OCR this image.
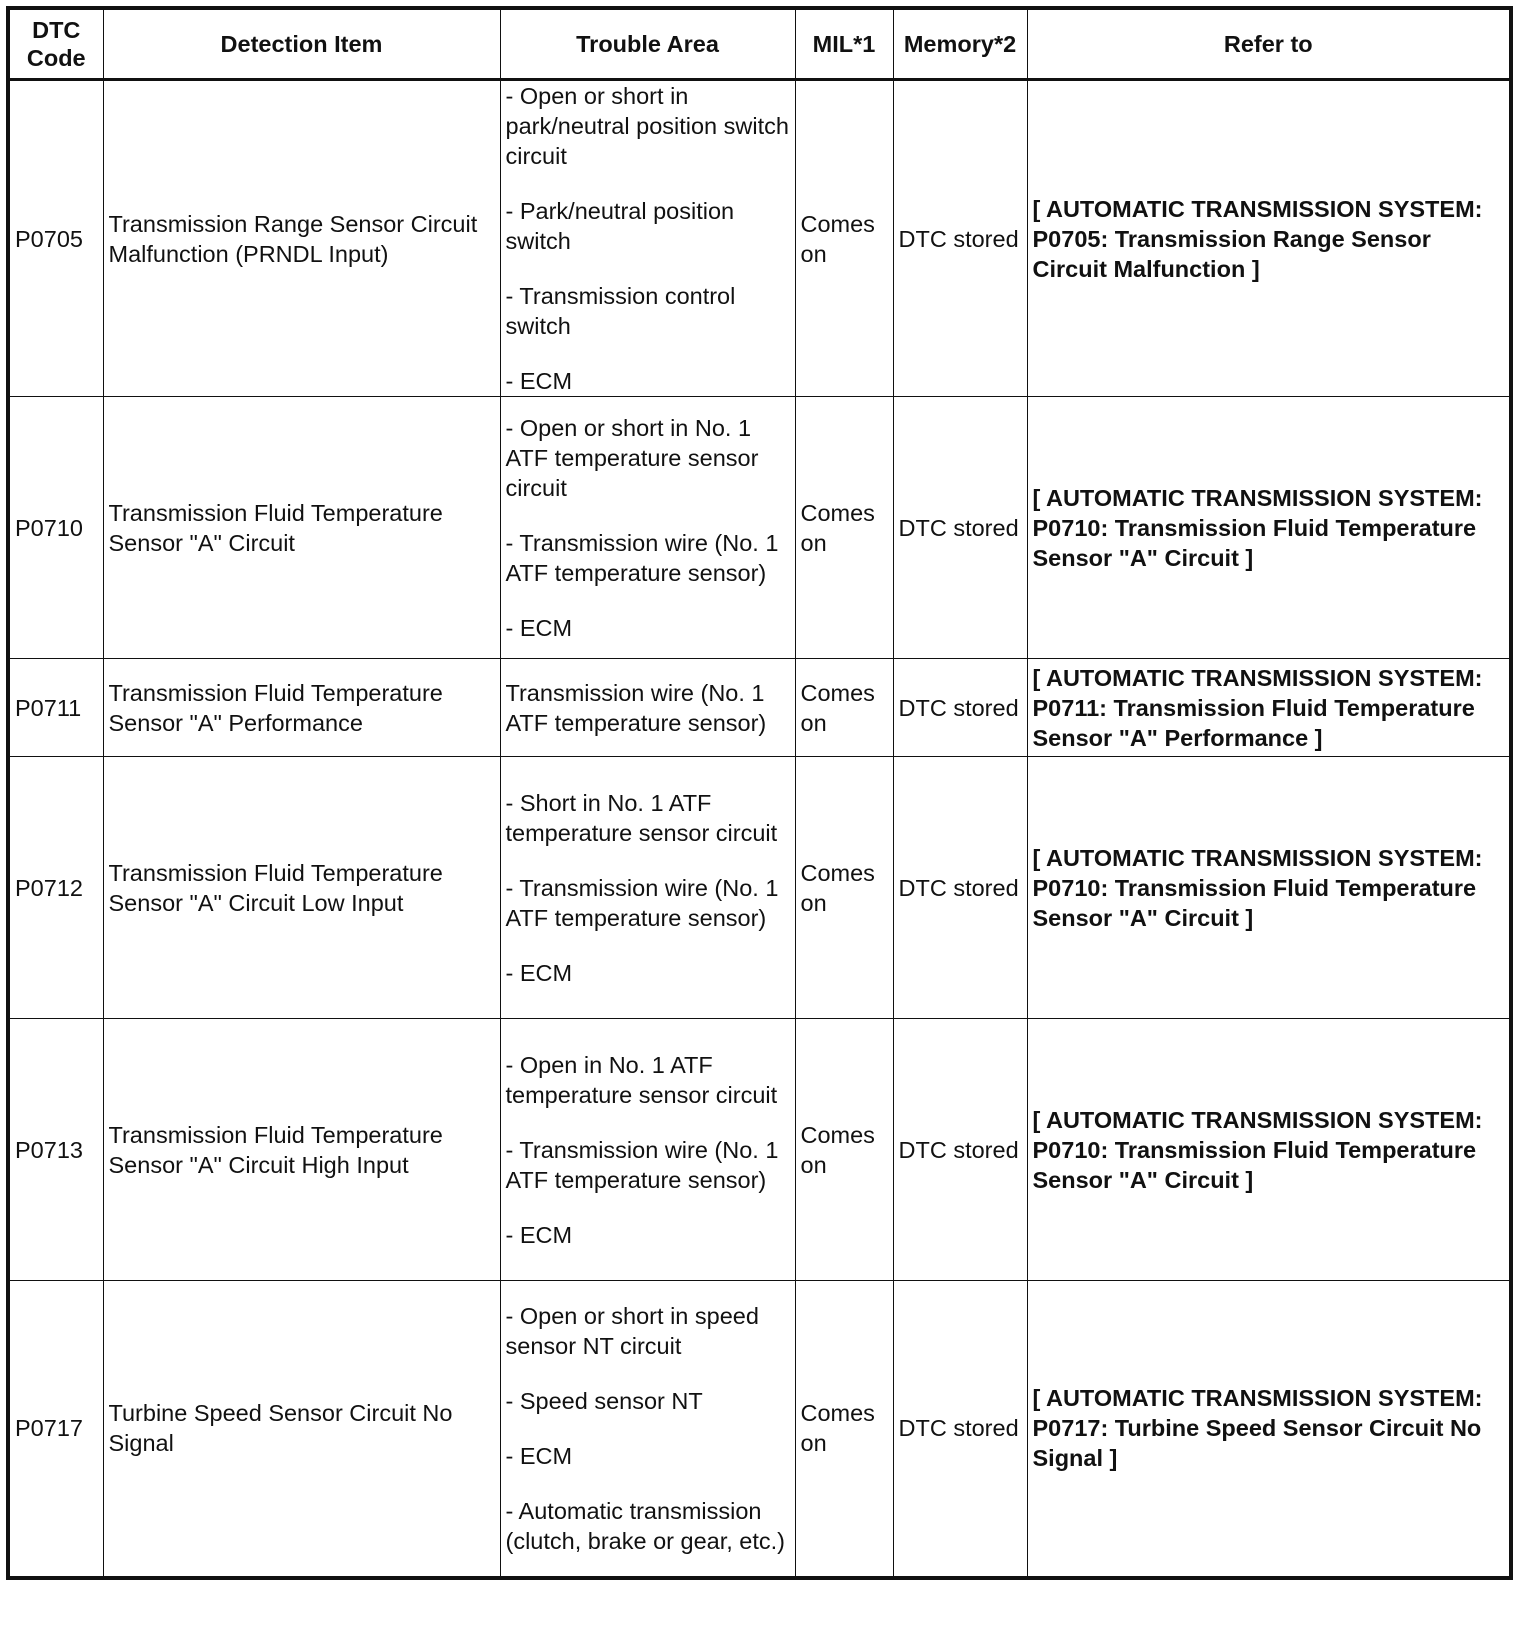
DTC Code	Detection Item	Trouble Area	MIL*1	Memory*2	Refer to
P0705	Transmission Range Sensor Circuit Malfunction (PRNDL Input)	- Open or short in park/neutral position switch circuit
- Park/neutral position switch
- Transmission control switch
- ECM	Comes on	DTC stored	[ AUTOMATIC TRANSMISSION SYSTEM: P0705: Transmission Range Sensor Circuit Malfunction ]
P0710	Transmission Fluid Temperature Sensor "A" Circuit	- Open or short in No. 1 ATF temperature sensor circuit
- Transmission wire (No. 1 ATF temperature sensor)
- ECM	Comes on	DTC stored	[ AUTOMATIC TRANSMISSION SYSTEM: P0710: Transmission Fluid Temperature Sensor "A" Circuit ]
P0711	Transmission Fluid Temperature Sensor "A" Performance	Transmission wire (No. 1 ATF temperature sensor)	Comes on	DTC stored	[ AUTOMATIC TRANSMISSION SYSTEM: P0711: Transmission Fluid Temperature Sensor "A" Performance ]
P0712	Transmission Fluid Temperature Sensor "A" Circuit Low Input	- Short in No. 1 ATF temperature sensor circuit
- Transmission wire (No. 1 ATF temperature sensor)
- ECM	Comes on	DTC stored	[ AUTOMATIC TRANSMISSION SYSTEM: P0710: Transmission Fluid Temperature Sensor "A" Circuit ]
P0713	Transmission Fluid Temperature Sensor "A" Circuit High Input	- Open in No. 1 ATF temperature sensor circuit
- Transmission wire (No. 1 ATF temperature sensor)
- ECM	Comes on	DTC stored	[ AUTOMATIC TRANSMISSION SYSTEM: P0710: Transmission Fluid Temperature Sensor "A" Circuit ]
P0717	Turbine Speed Sensor Circuit No Signal	- Open or short in speed sensor NT circuit
- Speed sensor NT
- ECM
- Automatic transmission (clutch, brake or gear, etc.)	Comes on	DTC stored	[ AUTOMATIC TRANSMISSION SYSTEM: P0717: Turbine Speed Sensor Circuit No Signal ]
